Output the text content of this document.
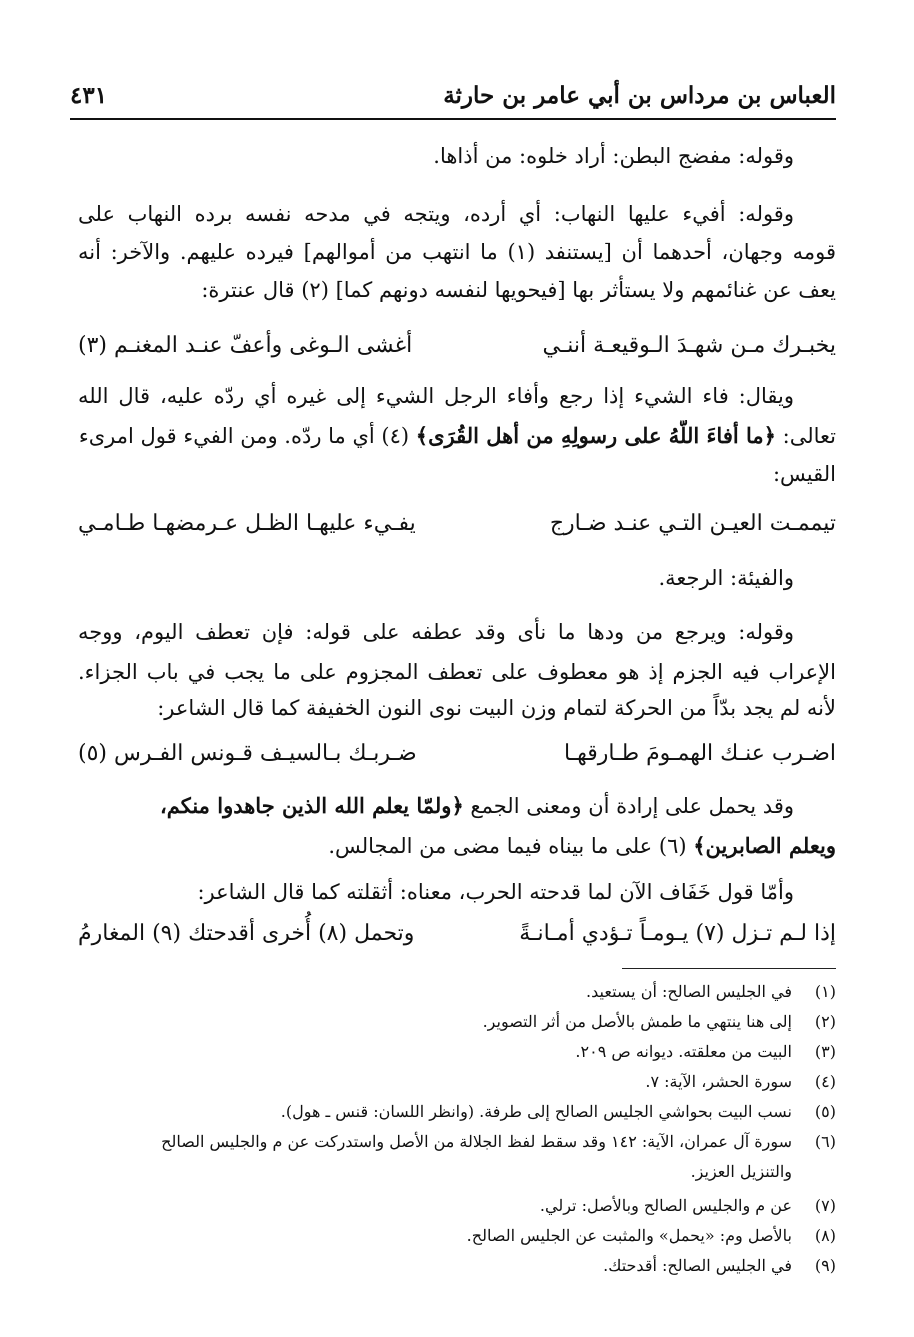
العباس بن مرداس بن أبي عامر بن حارثة
٤٣١
وقوله: مفضج البطن: أراد خلوه: من أذاها.
وقوله: أفيء عليها النهاب: أي أرده، ويتجه في مدحه نفسه برده النهاب على
قومه وجهان، أحدهما أن [يستنفد (١) ما انتهب من أموالهم] فيرده عليهم. والآخر: أنه
يعف عن غنائمهم ولا يستأثر بها [فيحويها لنفسه دونهم كما] (٢) قال عنترة:
يخبـرك مـن شهـدَ الـوقيعـة أننـي
أغشى الـوغى وأعفّ عنـد المغنـم (٣)
ويقال: فاء الشيء إذا رجع وأفاء الرجل الشيء إلى غيره أي ردّه عليه، قال الله
تعالى: ﴿ما أفاءَ اللَّهُ على رسولِهِ من أهل القُرَى﴾ (٤) أي ما ردّه. ومن الفيء قول امرىء
القيس:
تيممـت العيـن التـي عنـد ضـارج
يفـيء عليهـا الظـل عـرمضهـا طـامـي
والفيئة: الرجعة.
وقوله: ويرجع من ودها ما نأى وقد عطفه على قوله: فإن تعطف اليوم، ووجه
الإعراب فيه الجزم إذ هو معطوف على تعطف المجزوم على ما يجب في باب الجزاء.
لأنه لم يجد بدّاً من الحركة لتمام وزن البيت نوى النون الخفيفة كما قال الشاعر:
اضـرب عنـك الهمـومَ طـارقهـا
ضـربـك بـالسيـف قـونس الفـرس (٥)
وقد يحمل على إرادة أن ومعنى الجمع ﴿ولمّا يعلم الله الذين جاهدوا منكم،
ويعلم الصابرين﴾ (٦) على ما بيناه فيما مضى من المجالس.
وأمّا قول خَفَاف الآن لما قدحته الحرب، معناه: أثقلته كما قال الشاعر:
إذا لـم تـزل (٧) يـومـاً تـؤدي أمـانـةً
وتحمل (٨) أُخرى أقدحتك (٩) المغارمُ
(١)
في الجليس الصالح: أن يستعيد.
(٢)
إلى هنا ينتهي ما طمش بالأصل من أثر التصوير.
(٣)
البيت من معلقته. ديوانه ص ٢٠٩.
(٤)
سورة الحشر، الآية: ٧.
(٥)
نسب البيت بحواشي الجليس الصالح إلى طرفة. (وانظر اللسان: قنس ـ هول).
(٦)
سورة آل عمران، الآية: ١٤٢ وقد سقط لفظ الجلالة من الأصل واستدركت عن م والجليس الصالح
والتنزيل العزيز.
(٧)
عن م والجليس الصالح وبالأصل: ترلي.
(٨)
بالأصل وم: «يحمل» والمثبت عن الجليس الصالح.
(٩)
في الجليس الصالح: أقدحتك.
